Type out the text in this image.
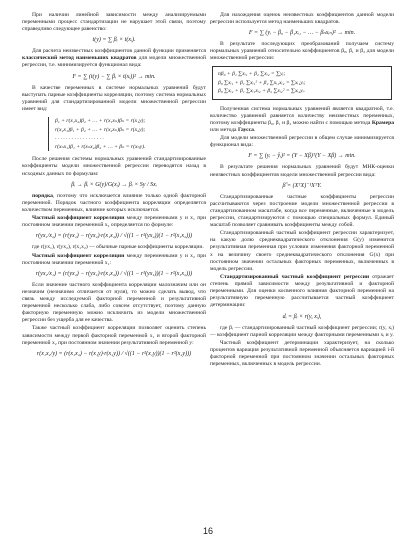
При наличии линейной зависимости между анализируемыми переменными процесс стандартизации не нарушает этой связи, поэтому справедливо следующее равенство:

t(y) = ∑ βᵢ × t(xᵢ).

Для расчета неизвестных коэффициентов данной функции применяется классический метод наименьших квадратов для модели множественной регрессии, т.е. минимизируется функционал вида:

F = ∑ (t(y) − ∑ βᵢ × t(xᵢ))² → min.

В качестве переменных в системе нормальных уравнений будут выступать парные коэффициенты корреляции, поэтому система нормальных уравнений для стандартизированной модели множественной регрессии имеет вид:

β₁ + r(x₁x₂)β₂ + … + r(x₁xₙ)βₙ = r(x₁y);
r(x₂x₁)β₁ + β₂ + … + r(x₂xₙ)βₙ = r(x₂y);
. . . . . . . . . . . . . . . . . .
r(xₙx₁)β₁ + r(xₙx₂)β₂ + … + βₙ = r(xₙy).

После решения системы нормальных уравнений стандартизированные коэффициенты модели множественной регрессии переводятся назад в исходных данных по формулам:

βᵢ → βᵢ × G(y)/G(xᵢ) → βᵢ × Sy / Sxᵢ

порядка, поэтому что исключается влияние только одной факторной переменной. Порядок частного коэффициента корреляции определяется количеством переменных, влияние которых исключается.

Частный коэффициент корреляции между переменными y и x₁ при постоянном значении переменной x₂ определяется по формуле:

r(yx₁/x₂) = (r(yx₁) − r(yx₂)·r(x₁x₂)) / √((1 − r²(yx₂))(1 − r²(x₁x₂)))

где r(yx₁), r(yx₂), r(x₁x₂) — обычные парные коэффициенты корреляции.

Частный коэффициент корреляции между переменными y и x₂ при постоянном значении переменной x₁:

r(yx₂/x₁) = (r(yx₂) − r(yx₁)·r(x₁x₂)) / √((1 − r²(yx₁))(1 − r²(x₁x₂)))

Если значение частного коэффициента корреляции малозначим или он незначим (незначимо отличается от нуля), то можно сделать вывод, что связь между исследуемой факторной переменной и результативной переменной несколько слаба, либо совсем отсутствует, поэтому данную факторную переменную можно исключить из модели множественной регрессии без ущерба для ее качества.

Также частный коэффициент корреляции позволяет оценить степень зависимости между первой факторной переменной x₁ и второй факторной переменной x₂ при постоянном значении результативной переменной y:

r(x₁x₂/y) = (r(x₁x₂) − r(x₁y)·r(x₂y)) / √((1 − r²(x₁y))(1 − r²(x₂y)))

Для нахождения оценок неизвестных коэффициентов данной модели регрессии используется метод наименьших квадратов.

F = ∑ (yᵢ − β₀ − β₁xᵢ₁ − … − βₙxᵢₙ)² → min.

В результате последующих преобразований получаем систему нормальных уравнений относительно коэффициентов β₀, β₁ и β₂ для модели множественной регрессии:

nβ₀ + β₁ ∑xᵢ₁ + β₂ ∑xᵢ₂ = ∑yᵢ;
β₀ ∑xᵢ₁ + β₁ ∑xᵢ₁² + β₂ ∑xᵢ₁xᵢ₂ = ∑xᵢ₁yᵢ;
β₀ ∑xᵢ₂ + β₁ ∑xᵢ₁xᵢ₂ + β₂ ∑xᵢ₂² = ∑xᵢ₂yᵢ.

Полученная система нормальных уравнений является квадратной, т.е. количество уравнений равняется количеству неизвестных переменных, поэтому коэффициенты β₀, β₁ и β₂ можно найти с помощью метода Крамера или метода Гаусса.

Для модели множественной регрессии в общем случае минимизируется функционал вида:

F = ∑ (yᵢ − ŷᵢ)² = (Y − Xβ)ᵀ(Y − Xβ) → min.

В результате решения нормальных уравнений будут МНК-оценки неизвестных коэффициентов модели множественной регрессии вида:

β̂ = (XᵀX)⁻¹XᵀY.

Стандартизированные частные коэффициенты регрессии рассчитываются через построение модели множественной регрессии в стандартизованном масштабе, когда все переменные, включенные в модель регрессии, стандартизируются с помощью специальных формул. Единый масштаб позволяет сравнивать коэффициенты между собой.

Стандартизированный частный коэффициент регрессии характеризует, на какую долю среднеквадратического отклонения G(y) изменится результативная переменная при условии изменения факторной переменной x на величину своего среднеквадратического отклонения G(x) при постоянном значении остальных факторных переменных, включенных в модель регрессии.

Стандартизированный частный коэффициент регрессии отражает степень прямой зависимости между результативной и факторной переменными. Для оценки косвенного влияния факторной переменной на результативную переменную рассчитывается частный коэффициент детерминации:

dᵢ = βᵢ × r(y, xᵢ),

где βᵢ — стандартизированный частный коэффициент регрессии; r(y, xᵢ) — коэффициент парной корреляции между факторными переменными xᵢ и y.

Частный коэффициент детерминации характеризует, на сколько процентов вариация результативной переменной объясняется вариацией i-й факторной переменной при постоянном значении остальных факторных переменных, включенных в модель регрессии.

16
